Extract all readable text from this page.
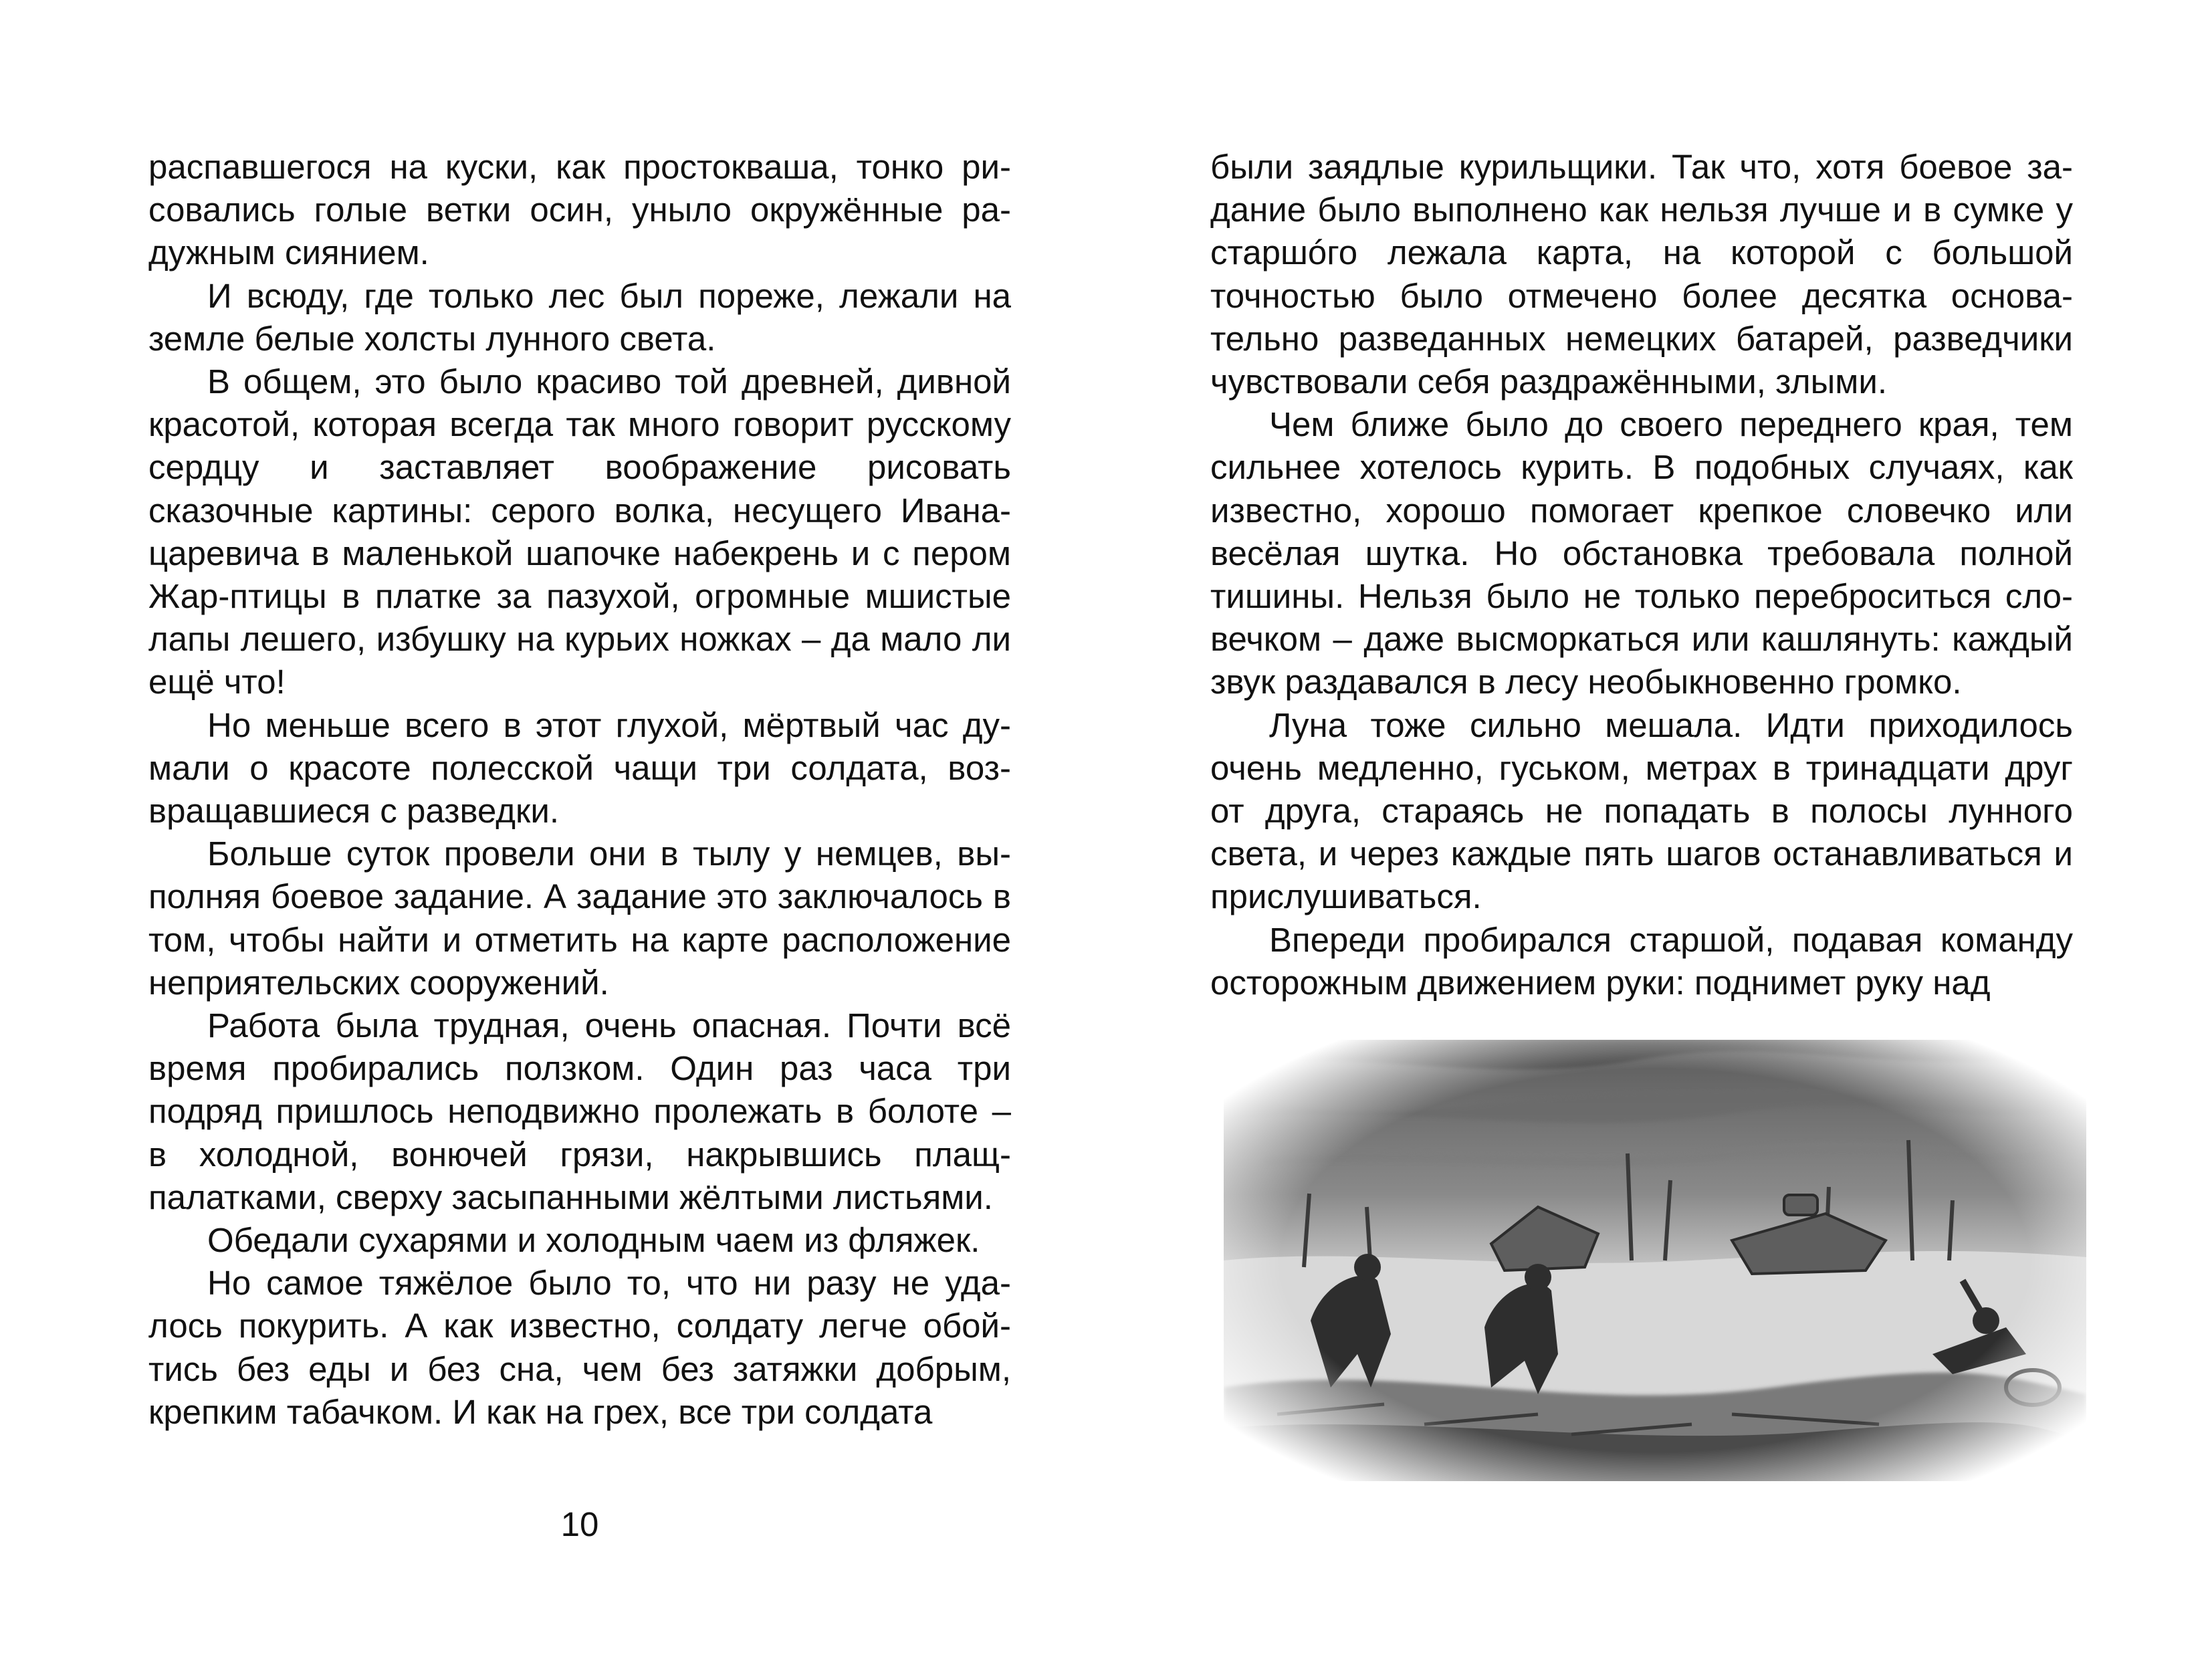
распавшегося на куски, как простокваша, тонко рисовались голые ветки осин, уныло окружённые радужным сиянием.

И всюду, где только лес был пореже, лежали на земле белые холсты лунного света.

В общем, это было красиво той древней, дивной красотой, которая всегда так много говорит русскому сердцу и заставляет воображение рисовать сказочные картины: серого волка, несущего Ивана-царевича в маленькой шапочке набекрень и с пером Жар-птицы в платке за пазухой, огромные мшистые лапы лешего, избушку на курьих ножках – да мало ли ещё что!

Но меньше всего в этот глухой, мёртвый час думали о красоте полесской чащи три солдата, возвращавшиеся с разведки.

Больше суток провели они в тылу у немцев, выполняя боевое задание. А задание это заключалось в том, чтобы найти и отметить на карте расположение неприятельских сооружений.

Работа была трудная, очень опасная. Почти всё время пробирались ползком. Один раз часа три подряд пришлось неподвижно пролежать в болоте – в холодной, вонючей грязи, накрывшись плащ-палатками, сверху засыпанными жёлтыми листьями.

Обедали сухарями и холодным чаем из фляжек.

Но самое тяжёлое было то, что ни разу не удалось покурить. А как известно, солдату легче обойтись без еды и без сна, чем без затяжки добрым, крепким табачком. И как на грех, все три солдата

10

были заядлые курильщики. Так что, хотя боевое задание было выполнено как нельзя лучше и в сумке у старшóго лежала карта, на которой с большой точностью было отмечено более десятка основательно разведанных немецких батарей, разведчики чувствовали себя раздражёнными, злыми.

Чем ближе было до своего переднего края, тем сильнее хотелось курить. В подобных случаях, как известно, хорошо помогает крепкое словечко или весёлая шутка. Но обстановка требовала полной тишины. Нельзя было не только переброситься словечком – даже высморкаться или кашлянуть: каждый звук раздавался в лесу необыкновенно громко.

Луна тоже сильно мешала. Идти приходилось очень медленно, гуськом, метрах в тринадцати друг от друга, стараясь не попадать в полосы лунного света, и через каждые пять шагов останавливаться и прислушиваться.

Впереди пробирался старшой, подавая команду осторожным движением руки: поднимет руку над
